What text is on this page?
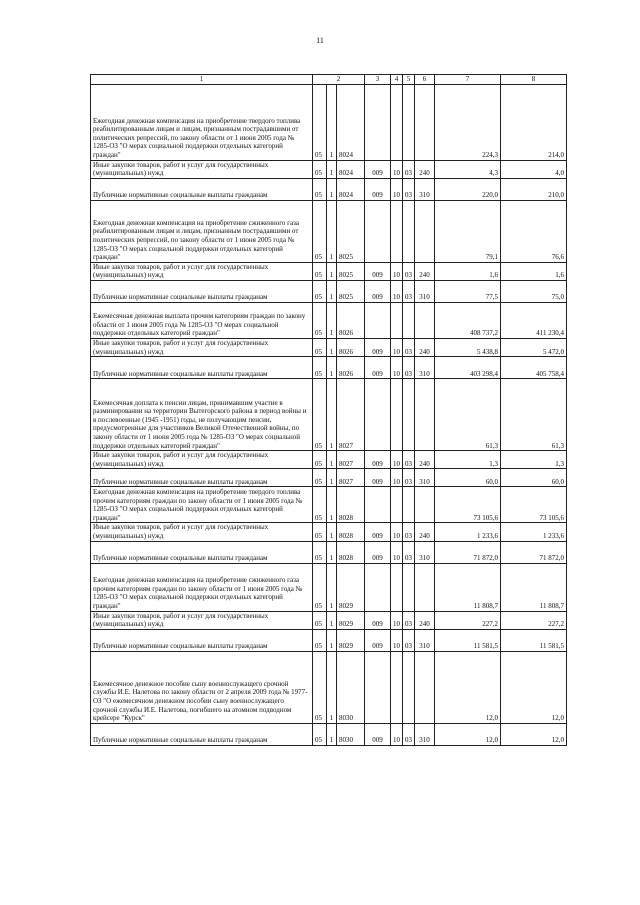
11
1	2			3	4	5	6	7	8
Ежегодная денежная компенсация на приобретение твердого топлива реабилитированным лицам и лицам, признанным пострадавшими от политических репрессий, по закону области от 1 июня 2005 года № 1285-ОЗ "О мерах социальной поддержки отдельных категорий граждан"	05	1	8024					224,3	214,0
Иные закупки товаров, работ и услуг для государственных (муниципальных) нужд	05	1	8024	009	10	03	240	4,3	4,0
Публичные нормативные социальные выплаты гражданам	05	1	8024	009	10	03	310	220,0	210,0
Ежегодная денежная компенсация на приобретение сжиженного газа реабилитированным лицам и лицам, признанным пострадавшими от политических репрессий, по закону области от 1 июня 2005 года № 1285-ОЗ "О мерах социальной поддержки отдельных категорий граждан"	05	1	8025					79,1	76,6
Иные закупки товаров, работ и услуг для государственных (муниципальных) нужд	05	1	8025	009	10	03	240	1,6	1,6
Публичные нормативные социальные выплаты гражданам	05	1	8025	009	10	03	310	77,5	75,0
Ежемесячная денежная выплата прочим категориям граждан по закону области от 1 июня 2005 года № 1285-ОЗ "О мерах социальной поддержки отдельных категорий граждан"	05	1	8026					408 737,2	411 230,4
Иные закупки товаров, работ и услуг для государственных (муниципальных) нужд	05	1	8026	009	10	03	240	5 438,8	5 472,0
Публичные нормативные социальные выплаты гражданам	05	1	8026	009	10	03	310	403 298,4	405 758,4
Ежемесячная доплата к пенсии лицам, принимавшим участие в разминировании на территории Вытегорского района в период войны и в послевоенные (1945 -1951) годы, не получающим пенсии, предусмотренные для участников Великой Отечественной войны, по закону области от 1 июня 2005 года № 1285-ОЗ "О мерах социальной поддержки отдельных категорий граждан"	05	1	8027					61,3	61,3
Иные закупки товаров, работ и услуг для государственных (муниципальных) нужд	05	1	8027	009	10	03	240	1,3	1,3
Публичные нормативные социальные выплаты гражданам	05	1	8027	009	10	03	310	60,0	60,0
Ежегодная денежная компенсация на приобретение твердого топлива прочим категориям граждан по закону области от 1 июня 2005 года № 1285-ОЗ "О мерах социальной поддержки отдельных категорий граждан"	05	1	8028					73 105,6	73 105,6
Иные закупки товаров, работ и услуг для государственных (муниципальных) нужд	05	1	8028	009	10	03	240	1 233,6	1 233,6
Публичные нормативные социальные выплаты гражданам	05	1	8028	009	10	03	310	71 872,0	71 872,0
Ежегодная денежная компенсация на приобретение сжиженного газа прочим категориям граждан по закону области от 1 июня 2005 года № 1285-ОЗ "О мерах социальной поддержки отдельных категорий граждан"	05	1	8029					11 808,7	11 808,7
Иные закупки товаров, работ и услуг для государственных (муниципальных) нужд	05	1	8029	009	10	03	240	227,2	227,2
Публичные нормативные социальные выплаты гражданам	05	1	8029	009	10	03	310	11 581,5	11 581,5
Ежемесячное денежное пособие сыну военнослужащего срочной службы И.Е. Налетова по закону области от 2 апреля 2009 года № 1977-ОЗ "О ежемесячном денежном пособии сыну военнослужащего срочной службы И.Е. Налетова, погибшего на атомном подводном крейсере "Курск"	05	1	8030					12,0	12,0
Публичные нормативные социальные выплаты гражданам	05	1	8030	009	10	03	310	12,0	12,0
